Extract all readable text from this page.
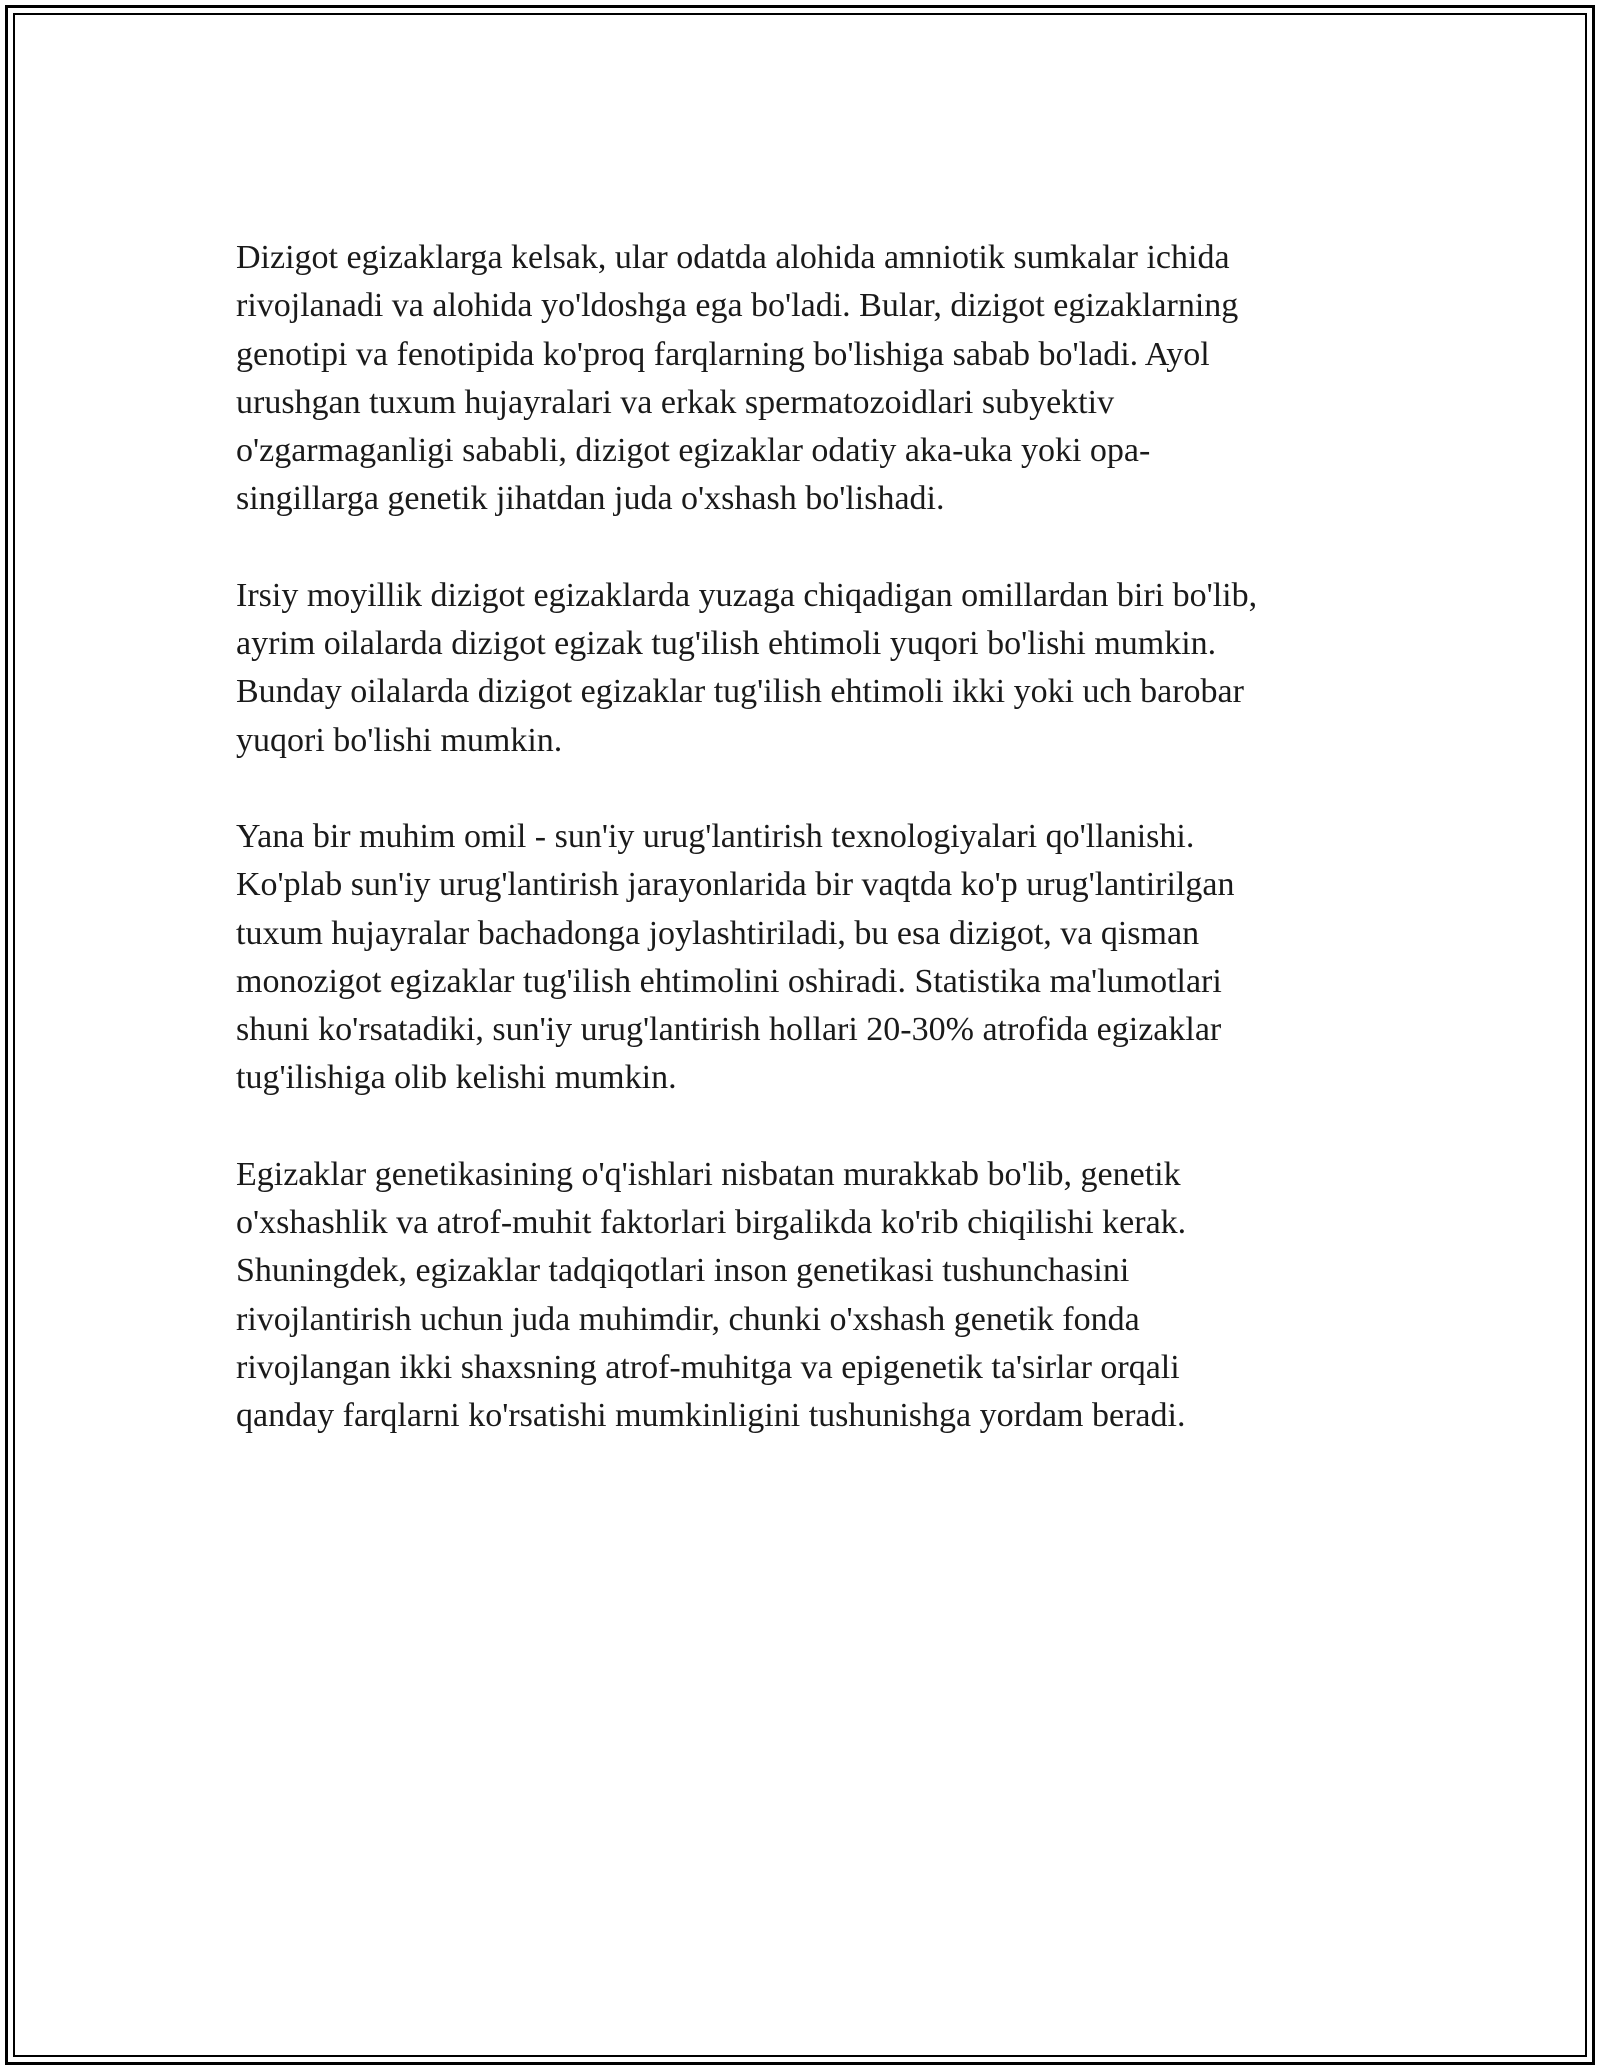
Dizigot egizaklarga kelsak, ular odatda alohida amniotik sumkalar ichida
rivojlanadi va alohida yo'ldoshga ega bo'ladi. Bular, dizigot egizaklarning
genotipi va fenotipida ko'proq farqlarning bo'lishiga sabab bo'ladi. Ayol
urushgan tuxum hujayralari va erkak spermatozoidlari subyektiv
o'zgarmaganligi sababli, dizigot egizaklar odatiy aka-uka yoki opa-
singillarga genetik jihatdan juda o'xshash bo'lishadi.

Irsiy moyillik dizigot egizaklarda yuzaga chiqadigan omillardan biri bo'lib,
ayrim oilalarda dizigot egizak tug'ilish ehtimoli yuqori bo'lishi mumkin.
Bunday oilalarda dizigot egizaklar tug'ilish ehtimoli ikki yoki uch barobar
yuqori bo'lishi mumkin.

Yana bir muhim omil - sun'iy urug'lantirish texnologiyalari qo'llanishi.
Ko'plab sun'iy urug'lantirish jarayonlarida bir vaqtda ko'p urug'lantirilgan
tuxum hujayralar bachadonga joylashtiriladi, bu esa dizigot, va qisman
monozigot egizaklar tug'ilish ehtimolini oshiradi. Statistika ma'lumotlari
shuni ko'rsatadiki, sun'iy urug'lantirish hollari 20-30% atrofida egizaklar
tug'ilishiga olib kelishi mumkin.

Egizaklar genetikasining o'q'ishlari nisbatan murakkab bo'lib, genetik
o'xshashlik va atrof-muhit faktorlari birgalikda ko'rib chiqilishi kerak.
Shuningdek, egizaklar tadqiqotlari inson genetikasi tushunchasini
rivojlantirish uchun juda muhimdir, chunki o'xshash genetik fonda
rivojlangan ikki shaxsning atrof-muhitga va epigenetik ta'sirlar orqali
qanday farqlarni ko'rsatishi mumkinligini tushunishga yordam beradi.
